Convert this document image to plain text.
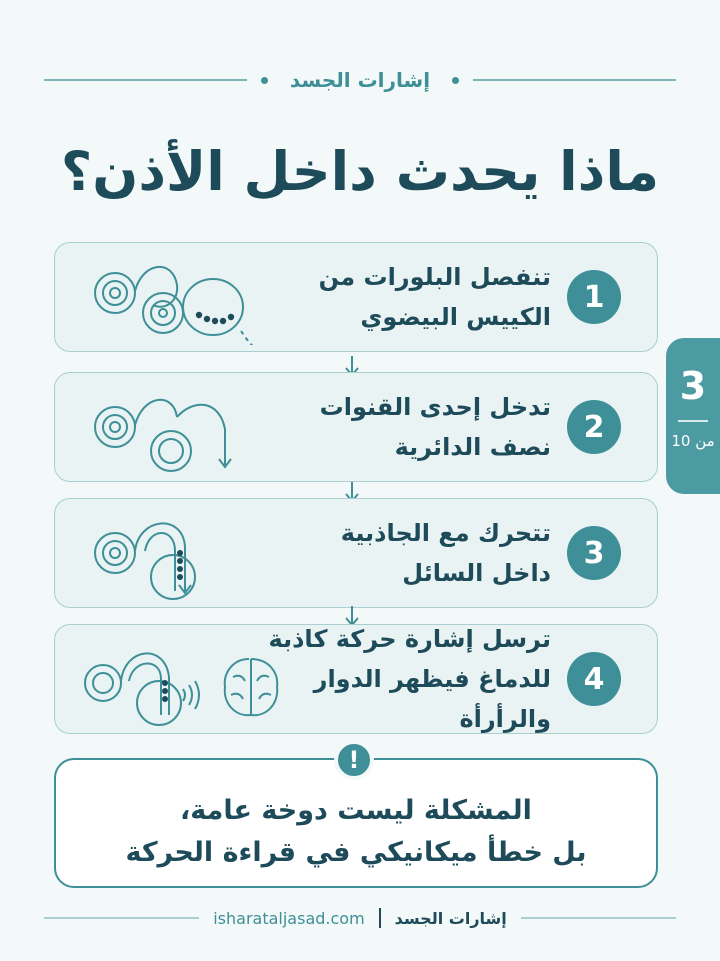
إشارات الجسد
ماذا يحدث داخل الأذن؟
تنفصل البلورات من
الكييس البيضوي
1
تدخل إحدى القنوات
نصف الدائرية
2
تتحرك مع الجاذبية
داخل السائل
3
ترسل إشارة حركة كاذبة
للدماغ فيظهر الدوار والرأرأة
4
3
من 10
المشكلة ليست دوخة عامة،
بل خطأ ميكانيكي في قراءة الحركة
!
isharataljasad.com إشارات الجسد
